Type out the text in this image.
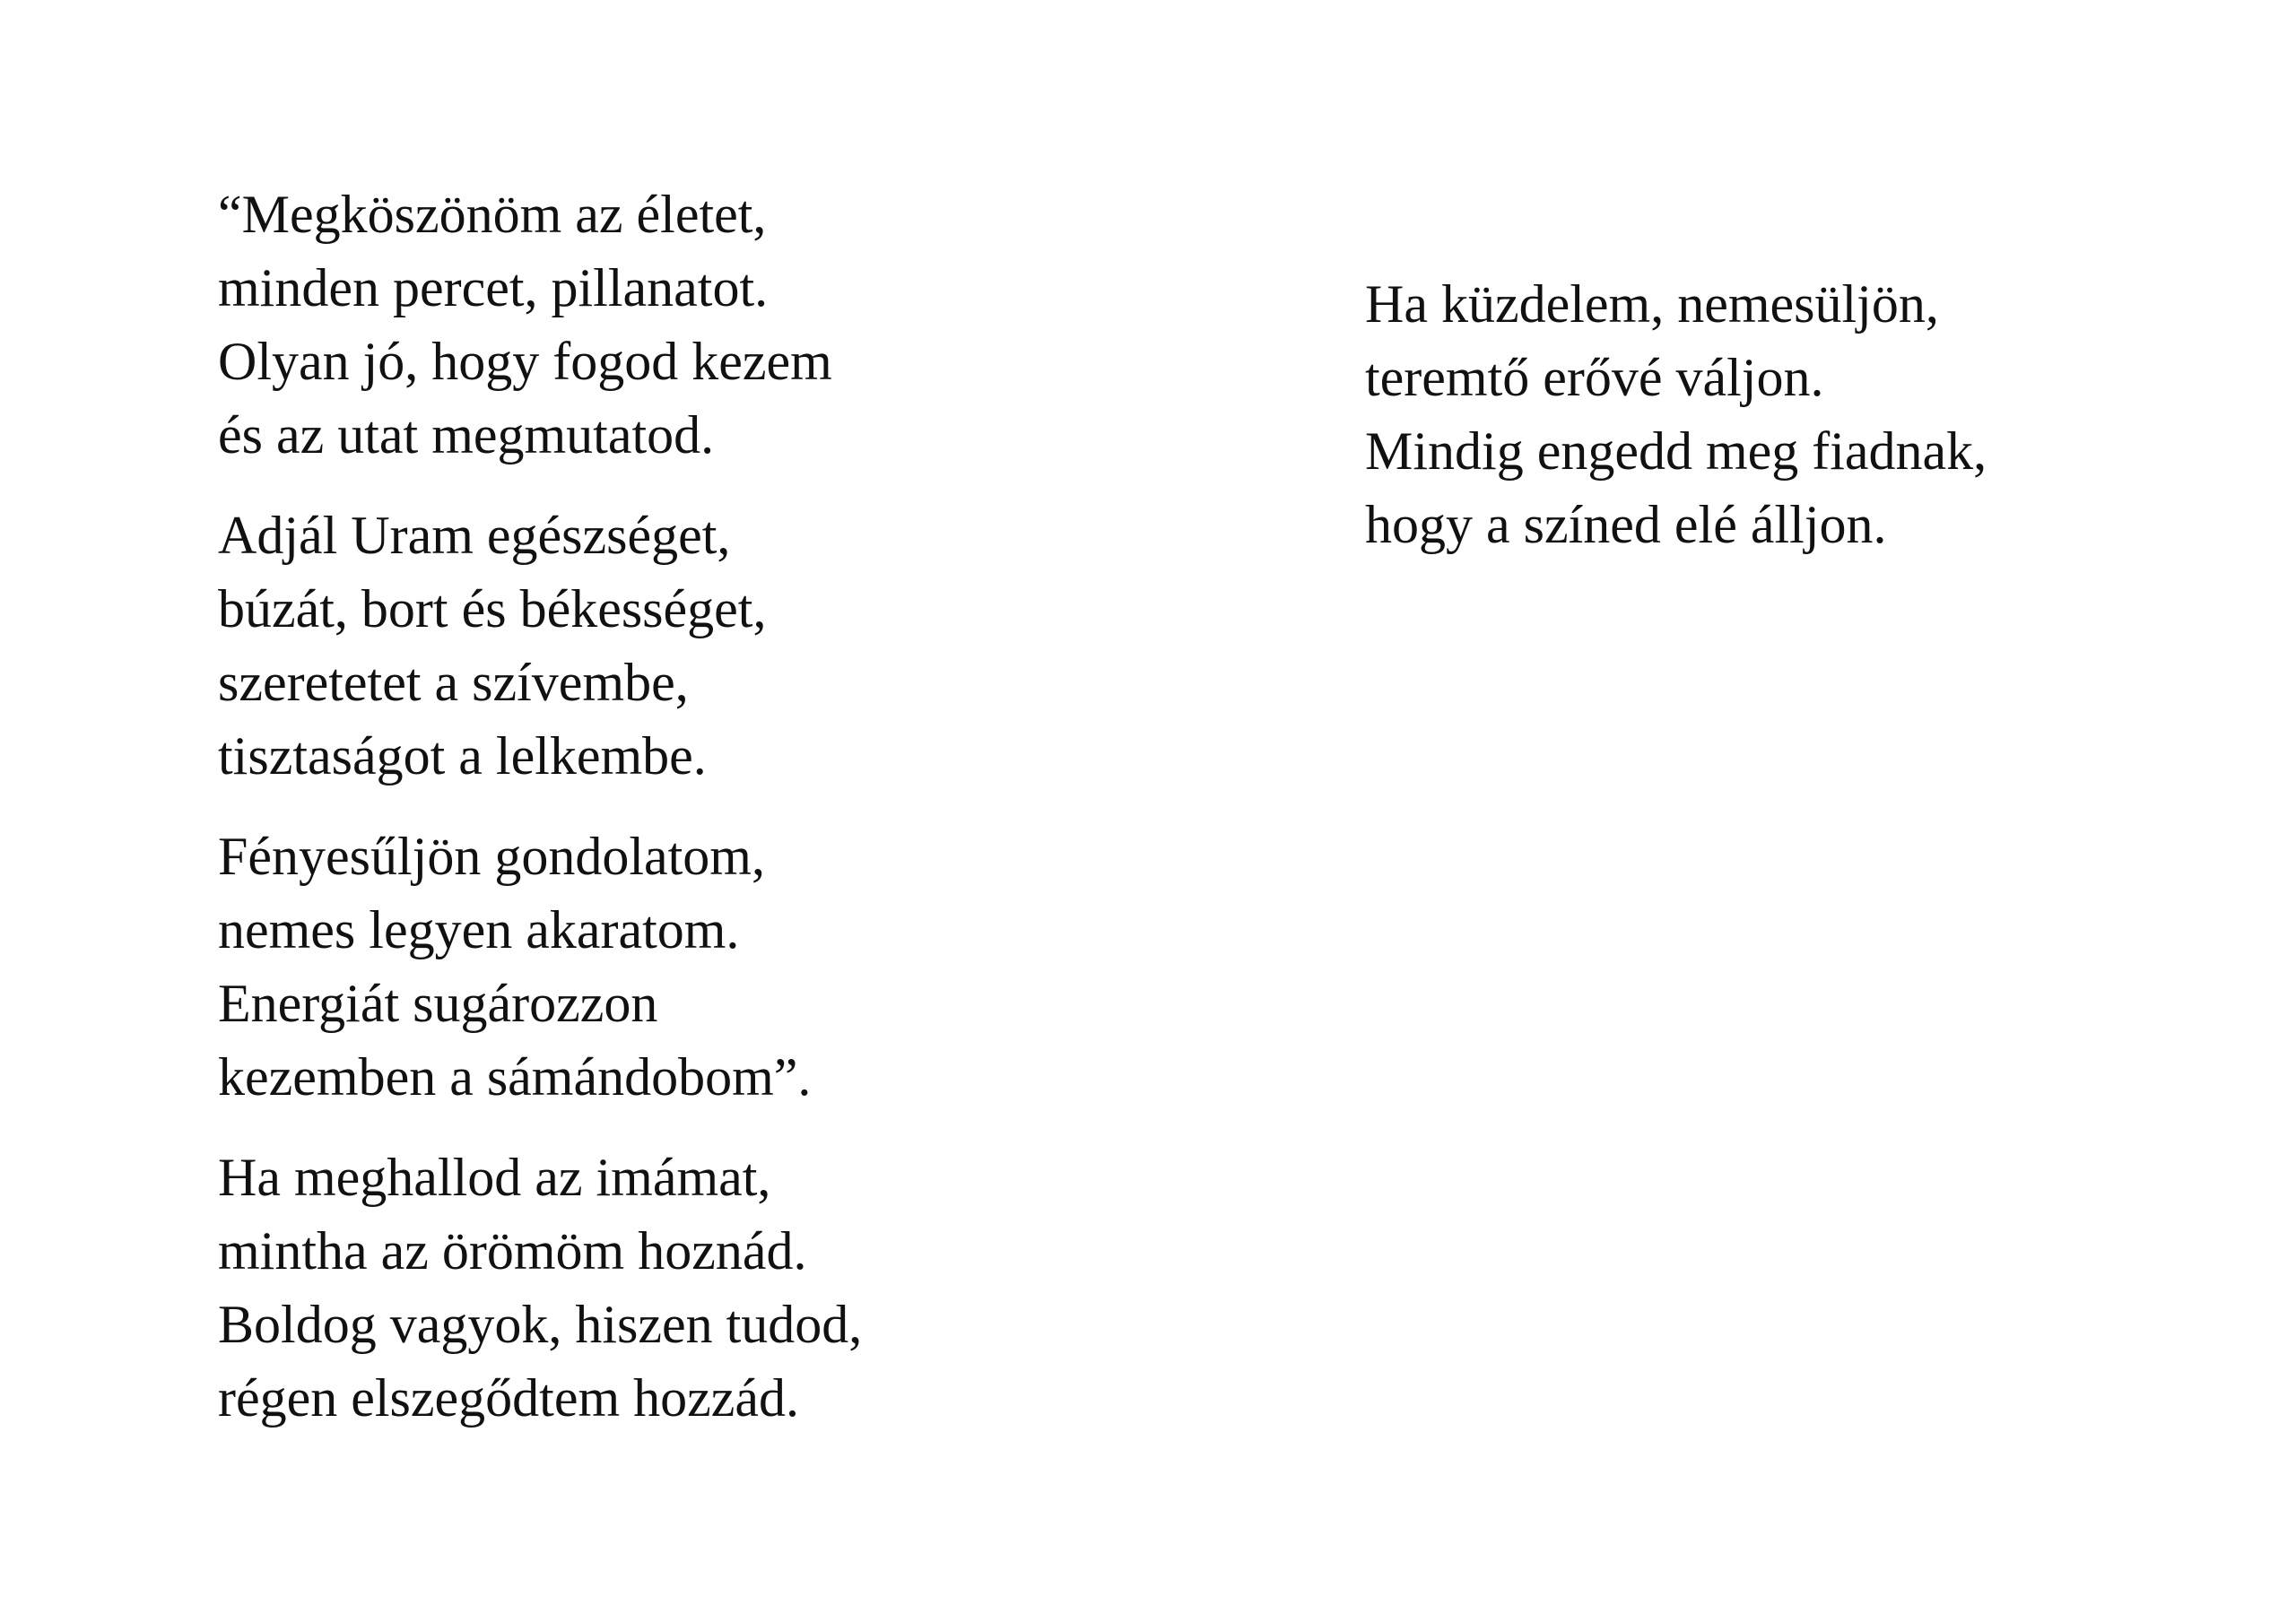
“Megköszönöm az életet,
minden percet, pillanatot.
Olyan jó, hogy fogod kezem
és az utat megmutatod.
Adjál Uram egészséget,
búzát, bort és békességet,
szeretetet a szívembe,
tisztaságot a lelkembe.
Fényesűljön gondolatom,
nemes legyen akaratom.
Energiát sugározzon
kezemben a sámándobom”.
Ha meghallod az imámat,
mintha az örömöm hoznád.
Boldog vagyok, hiszen tudod,
régen elszegődtem hozzád.
Ha küzdelem, nemesüljön,
teremtő erővé váljon.
Mindig engedd meg fiadnak,
hogy a színed elé álljon.
